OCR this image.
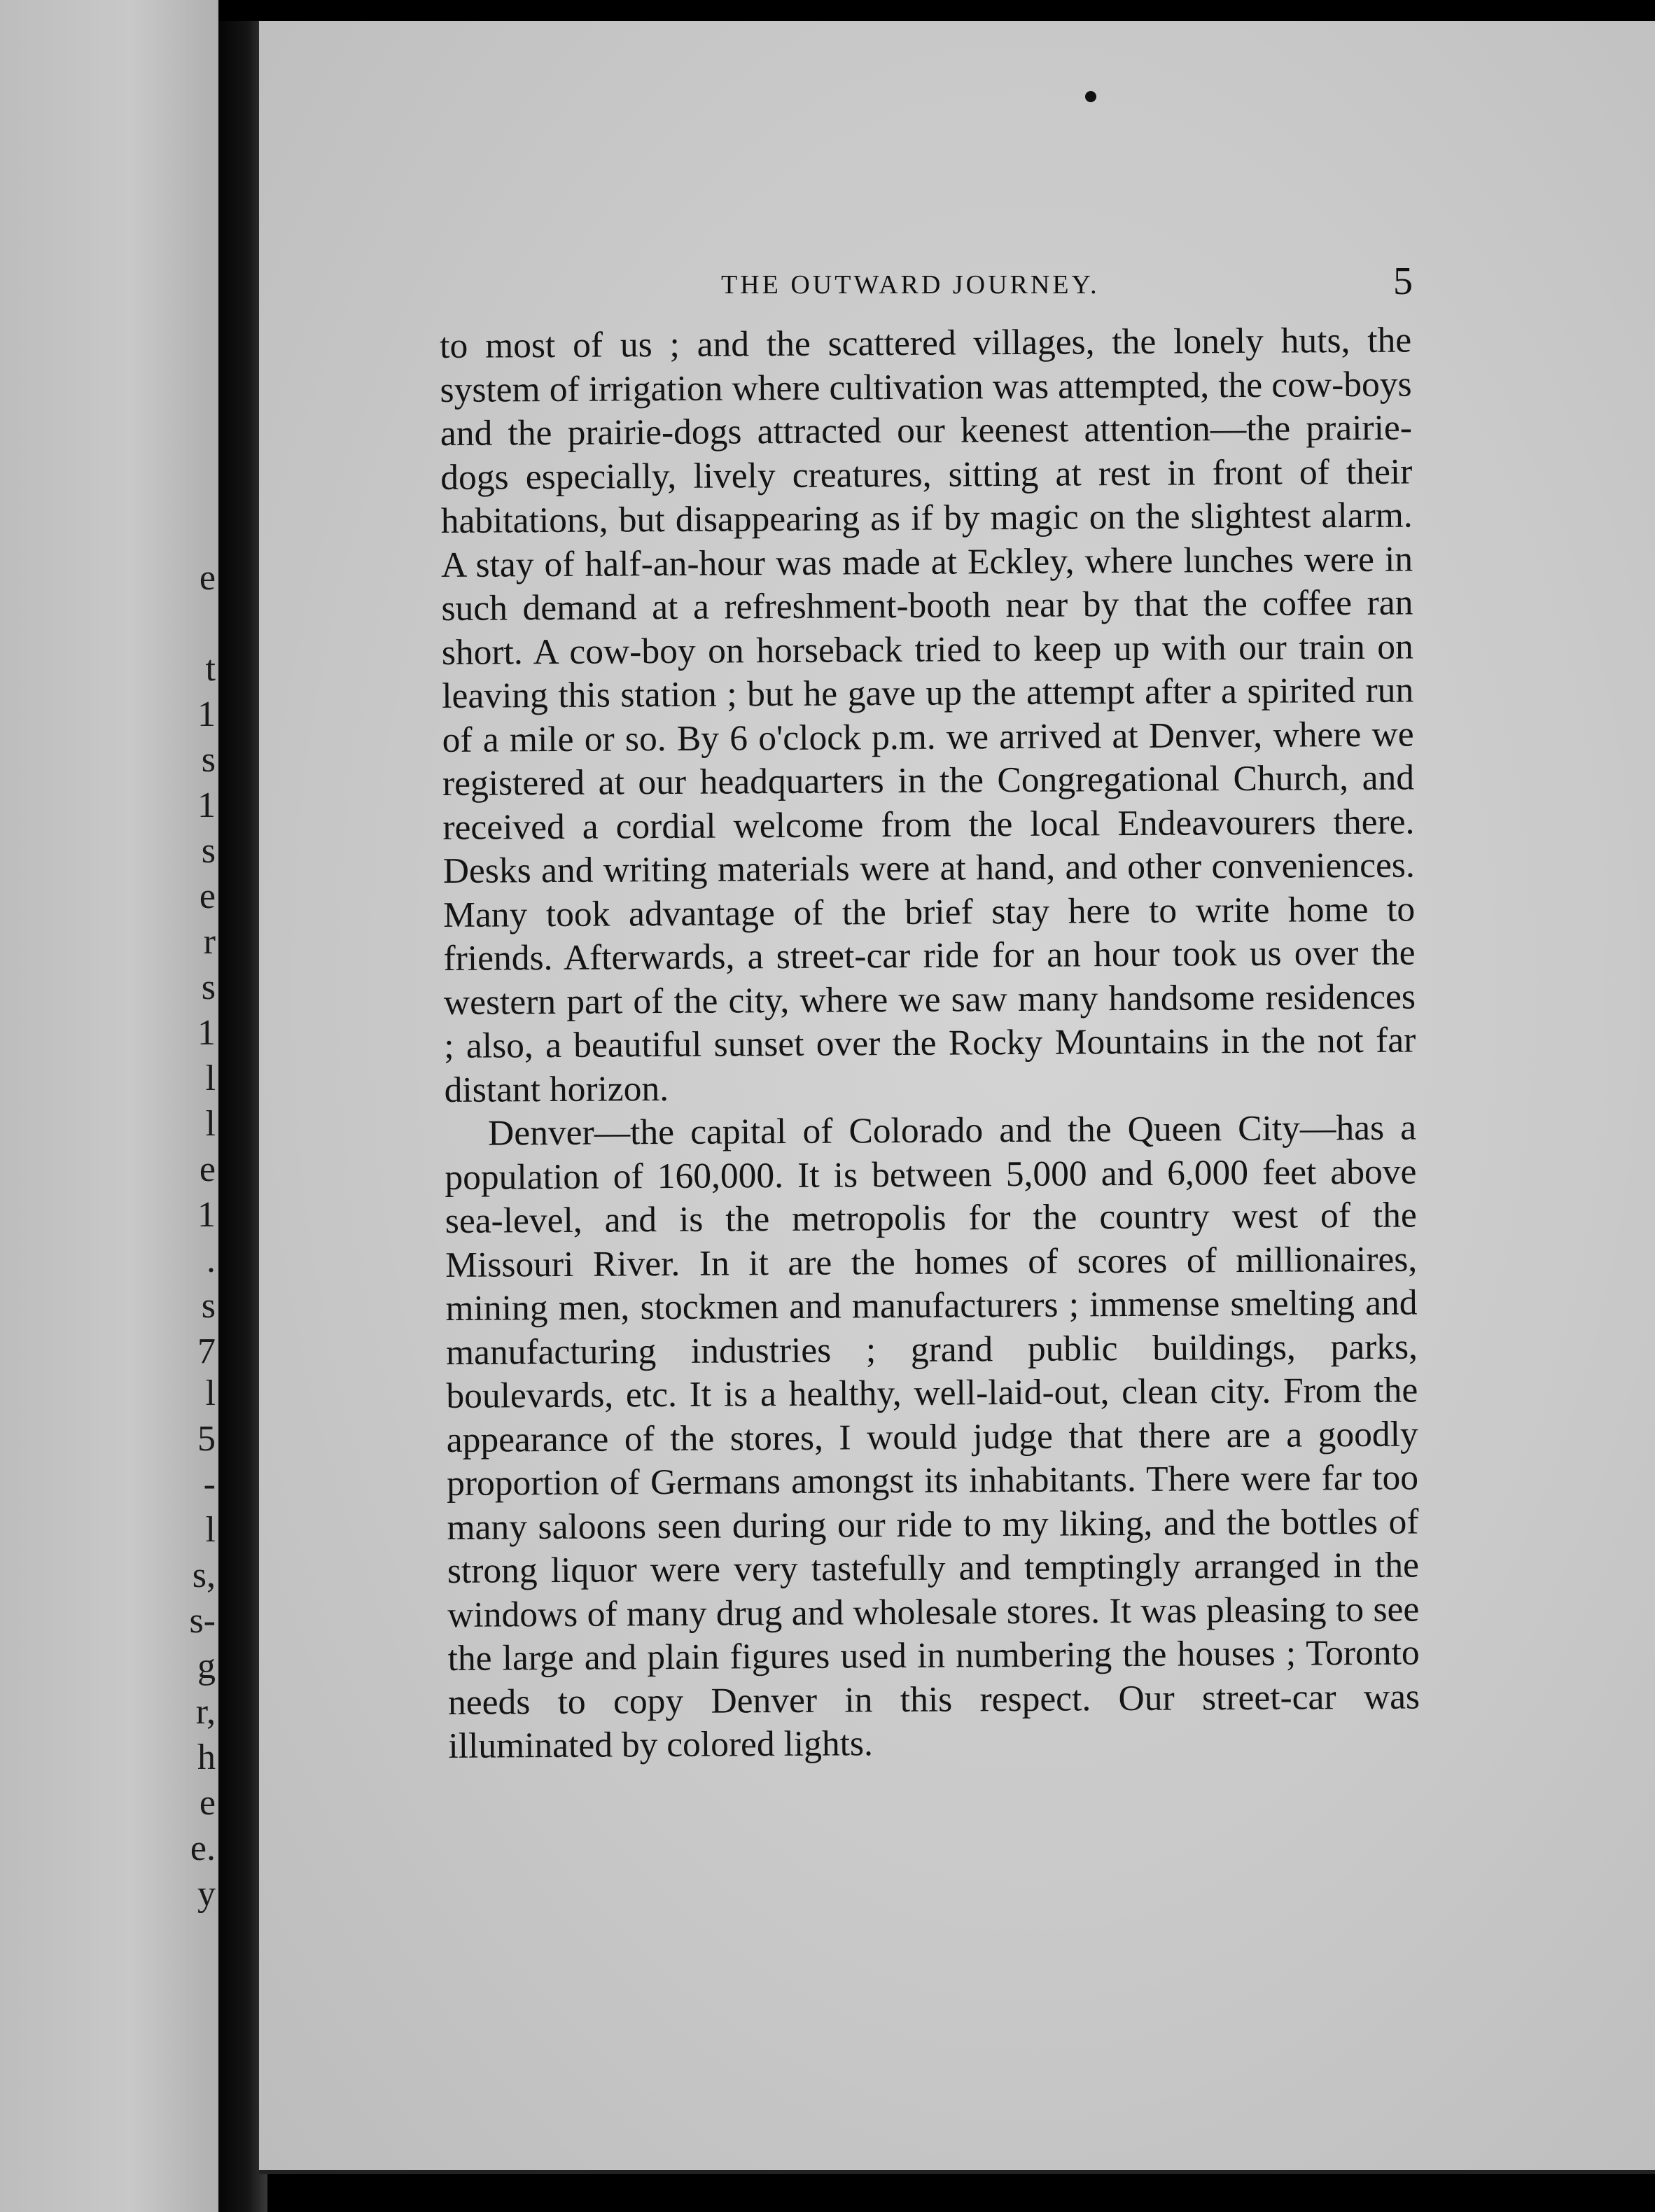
e
t
1
s
1
s
e
r
s
1
l
l
e
1
.
s
7
l
5
-
l
s,
s-
g
r,
h
e
e.
y
THE OUTWARD JOURNEY.	5

to most of us ; and the scattered villages, the lonely huts, the system of irrigation where cultivation was attempted, the cow-boys and the prairie-dogs attracted our keenest attention—the prairie-dogs especially, lively creatures, sitting at rest in front of their habitations, but disappearing as if by magic on the slightest alarm. A stay of half-an-hour was made at Eckley, where lunches were in such demand at a refreshment-booth near by that the coffee ran short. A cow-boy on horseback tried to keep up with our train on leaving this station ; but he gave up the attempt after a spirited run of a mile or so. By 6 o'clock p.m. we arrived at Denver, where we registered at our headquarters in the Congregational Church, and received a cordial welcome from the local Endeavourers there. Desks and writing materials were at hand, and other conveniences. Many took advantage of the brief stay here to write home to friends. Afterwards, a street-car ride for an hour took us over the western part of the city, where we saw many handsome residences ; also, a beautiful sunset over the Rocky Mountains in the not far distant horizon.

Denver—the capital of Colorado and the Queen City—has a population of 160,000. It is between 5,000 and 6,000 feet above sea-level, and is the metropolis for the country west of the Missouri River. In it are the homes of scores of millionaires, mining men, stockmen and manufacturers ; immense smelting and manufacturing industries ; grand public buildings, parks, boulevards, etc. It is a healthy, well-laid-out, clean city. From the appearance of the stores, I would judge that there are a goodly proportion of Germans amongst its inhabitants. There were far too many saloons seen during our ride to my liking, and the bottles of strong liquor were very tastefully and temptingly arranged in the windows of many drug and wholesale stores. It was pleasing to see the large and plain figures used in numbering the houses ; Toronto needs to copy Denver in this respect. Our street-car was illuminated by colored lights.
